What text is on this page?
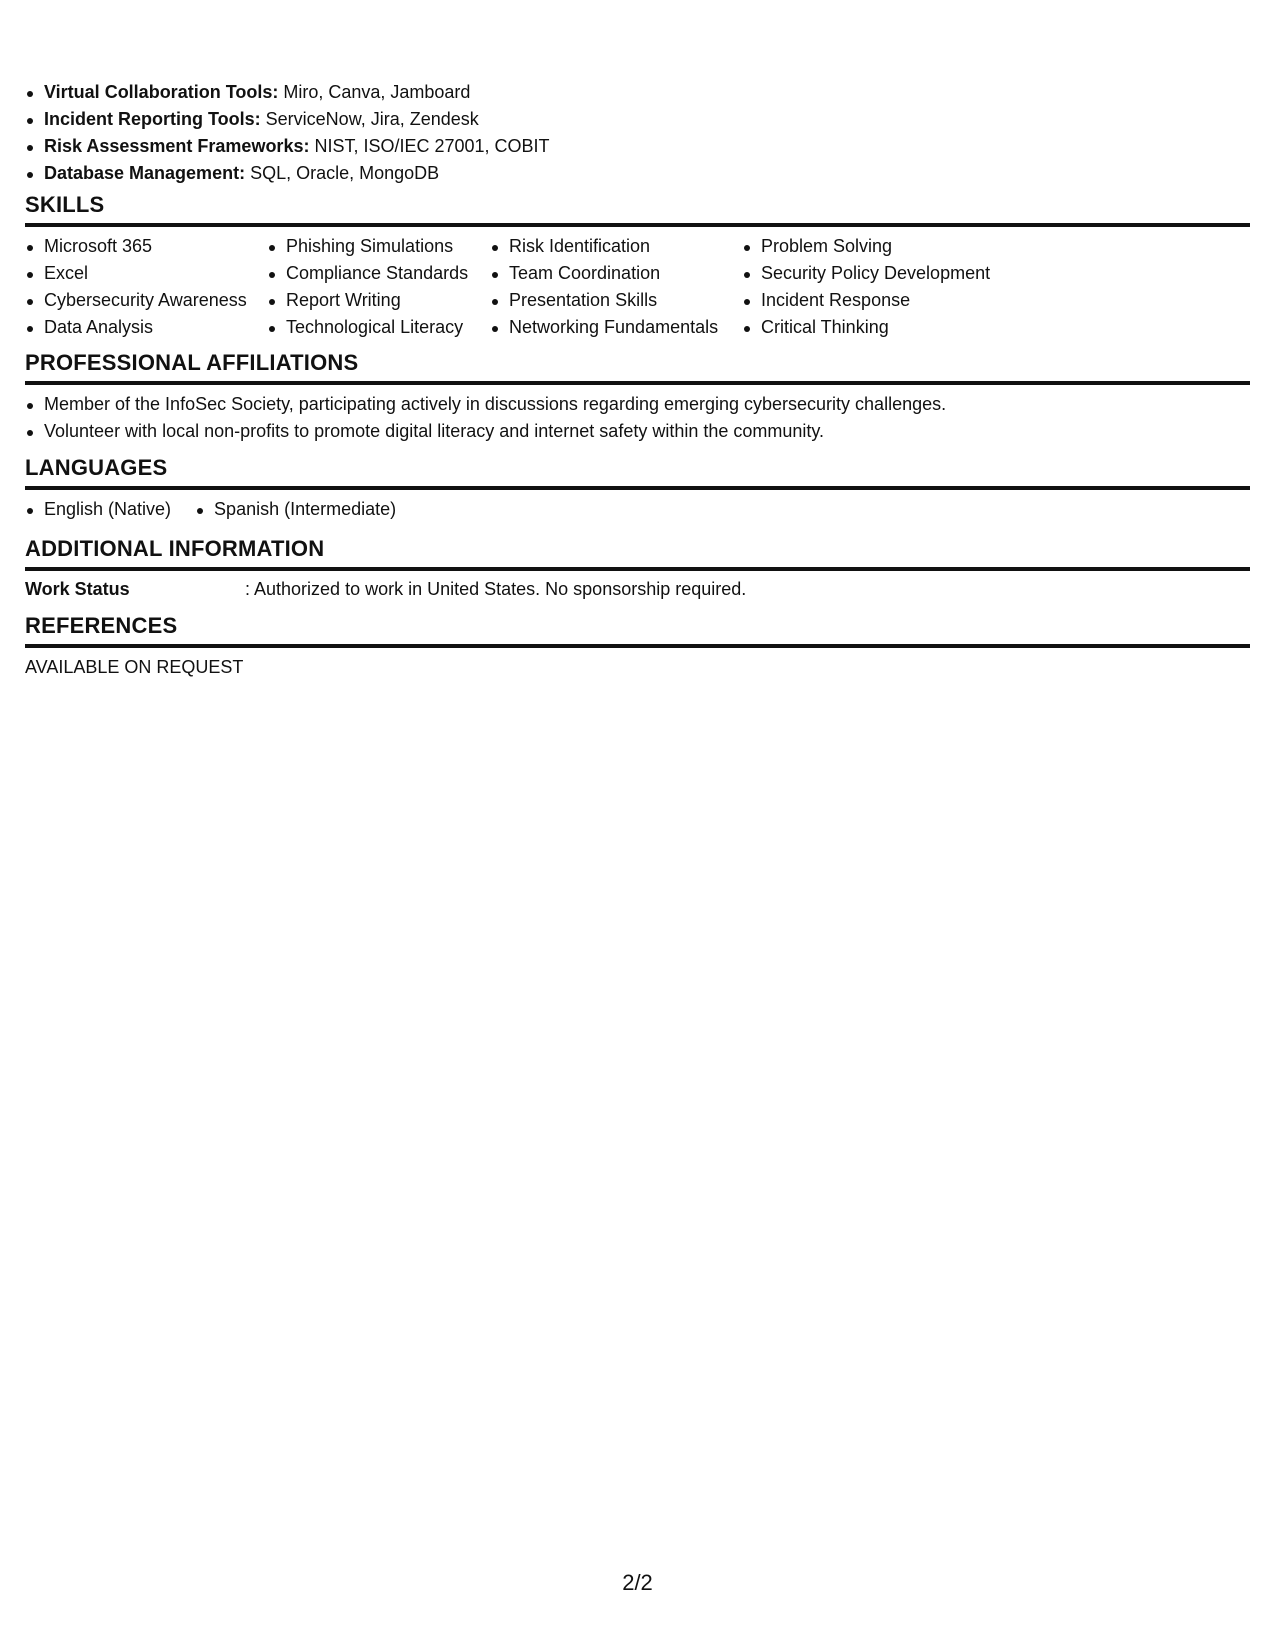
Virtual Collaboration Tools: Miro, Canva, Jamboard
Incident Reporting Tools: ServiceNow, Jira, Zendesk
Risk Assessment Frameworks: NIST, ISO/IEC 27001, COBIT
Database Management: SQL, Oracle, MongoDB
SKILLS
Microsoft 365
Excel
Cybersecurity Awareness
Data Analysis
Phishing Simulations
Compliance Standards
Report Writing
Technological Literacy
Risk Identification
Team Coordination
Presentation Skills
Networking Fundamentals
Problem Solving
Security Policy Development
Incident Response
Critical Thinking
PROFESSIONAL AFFILIATIONS
Member of the InfoSec Society, participating actively in discussions regarding emerging cybersecurity challenges.
Volunteer with local non-profits to promote digital literacy and internet safety within the community.
LANGUAGES
English (Native)	Spanish (Intermediate)
ADDITIONAL INFORMATION
Work Status	: Authorized to work in United States. No sponsorship required.
REFERENCES
AVAILABLE ON REQUEST
2/2
